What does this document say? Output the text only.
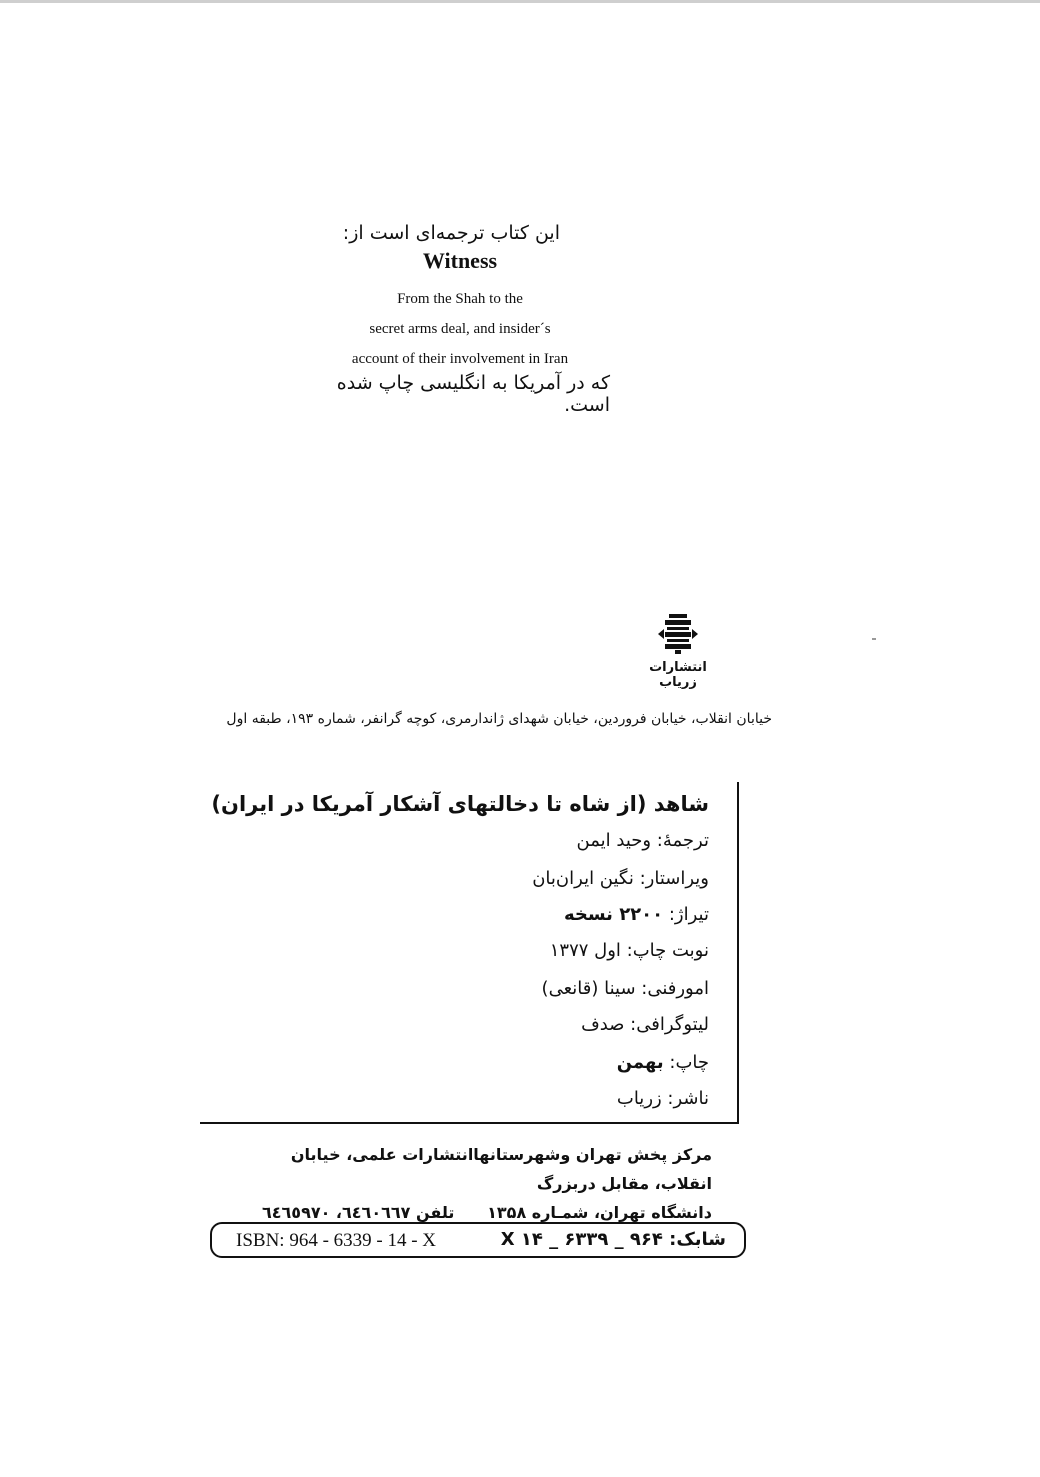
این کتاب ترجمه‌ای است از:
Witness
From the Shah to the
secret arms deal, and insider´s
account of their involvement in Iran
که در آمریکا به انگلیسی چاپ شده است.
انتشارات زریاب
خیابان انقلاب، خیابان فروردین، خیابان شهدای ژاندارمری، کوچه گرانفر، شماره ۱۹۳، طبقه اول
شاهد (از شاه تا دخالتهای آشکار آمریکا در ایران)
ترجمهٔ: وحید ایمن
ویراستار: نگین ایران‌بان
تیراژ: ۲۲۰۰ نسخه
نوبت چاپ: اول ۱۳۷۷
امورفنی: سینا (قانعی)
لیتوگرافی: صدف
چاپ: بهمن
ناشر: زریاب
مرکز پخش تهران وشهرستانهاانتشارات علمی، خیابان انقلاب، مقابل دربزرگ
دانشگاه تهران، شمـاره ۱۳۵۸
تلفن ٦٤٦٠٦٦٧، ٦٤٦٥٩٧٠
ISBN: 964 - 6339 - 14 - X	شابک: X ۱۴ _ ۶۳۳۹ _ ۹۶۴
